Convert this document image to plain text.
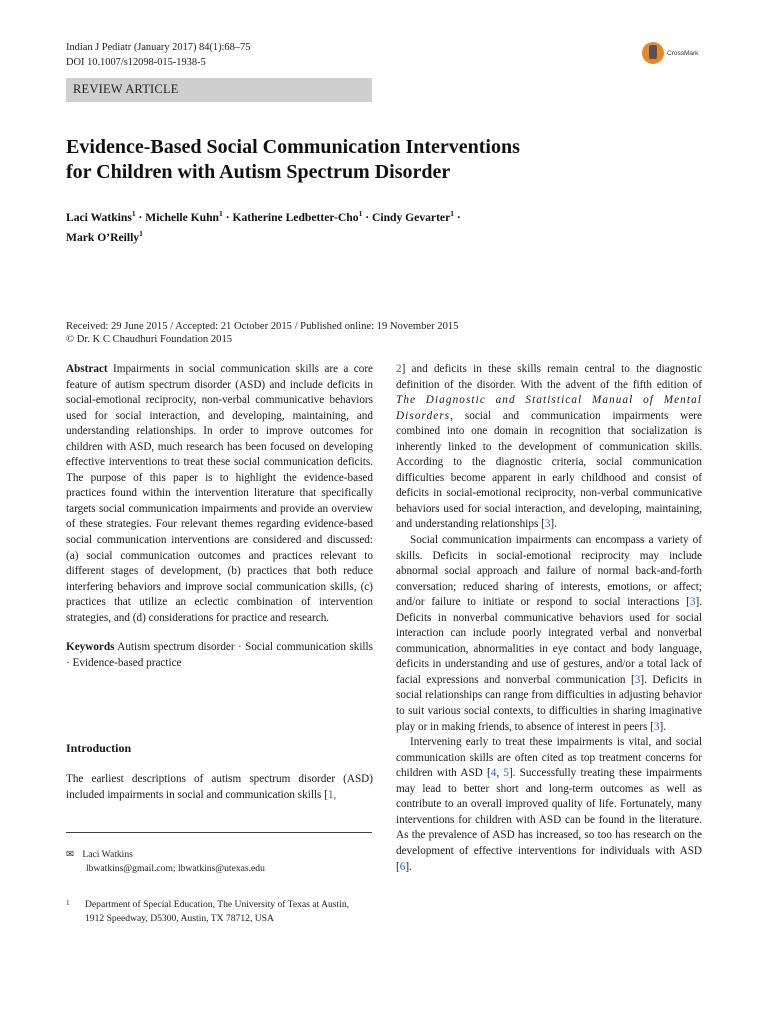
Indian J Pediatr (January 2017) 84(1):68–75
DOI 10.1007/s12098-015-1938-5
CrossMark
REVIEW ARTICLE
Evidence-Based Social Communication Interventions
for Children with Autism Spectrum Disorder
Laci Watkins$^1$ · Michelle Kuhn$^1$ · Katherine Ledbetter-Cho$^1$ · Cindy Gevarter$^1$ ·
Mark O’Reilly$^1$
Received: 29 June 2015 / Accepted: 21 October 2015 / Published online: 19 November 2015
© Dr. K C Chaudhuri Foundation 2015

Abstract Impairments in social communication skills are a core feature of autism spectrum disorder (ASD) and include deficits in social-emotional reciprocity, non-verbal communicative behaviors used for social interaction, and developing, maintaining, and understanding relationships. In order to improve outcomes for children with ASD, much research has been focused on developing effective interventions to treat these social communication deficits. The purpose of this paper is to highlight the evidence-based practices found within the intervention literature that specifically targets social communication impairments and provide an overview of these strategies. Four relevant themes regarding evidence-based social communication interventions are considered and discussed: (a) social communication outcomes and practices relevant to different stages of development, (b) practices that both reduce interfering behaviors and improve social communication skills, (c) practices that utilize an eclectic combination of intervention strategies, and (d) considerations for practice and research.

Keywords Autism spectrum disorder · Social communication skills · Evidence-based practice

Introduction
The earliest descriptions of autism spectrum disorder (ASD) included impairments in social and communication skills [1,
✉ Laci Watkins
lbwatkins@gmail.com; lbwatkins@utexas.edu
1 Department of Special Education, The University of Texas at Austin,
1912 Speedway, D5300, Austin, TX 78712, USA

2] and deficits in these skills remain central to the diagnostic definition of the disorder. With the advent of the fifth edition of The Diagnostic and Statistical Manual of Mental Disorders, social and communication impairments were combined into one domain in recognition that socialization is inherently linked to the development of communication skills. According to the diagnostic criteria, social communication difficulties become apparent in early childhood and consist of deficits in social-emotional reciprocity, non-verbal communicative behaviors used for social interaction, and developing, maintaining, and understanding relationships [3].

Social communication impairments can encompass a variety of skills. Deficits in social-emotional reciprocity may include abnormal social approach and failure of normal back-and-forth conversation; reduced sharing of interests, emotions, or affect; and/or failure to initiate or respond to social interactions [3]. Deficits in nonverbal communicative behaviors used for social interaction can include poorly integrated verbal and nonverbal communication, abnormalities in eye contact and body language, deficits in understanding and use of gestures, and/or a total lack of facial expressions and nonverbal communication [3]. Deficits in social relationships can range from difficulties in adjusting behavior to suit various social contexts, to difficulties in sharing imaginative play or in making friends, to absence of interest in peers [3].

Intervening early to treat these impairments is vital, and social communication skills are often cited as top treatment concerns for children with ASD [4, 5]. Successfully treating these impairments may lead to better short and long-term outcomes as well as contribute to an overall improved quality of life. Fortunately, many interventions for children with ASD can be found in the literature. As the prevalence of ASD has increased, so too has research on the development of effective interventions for individuals with ASD [6].
